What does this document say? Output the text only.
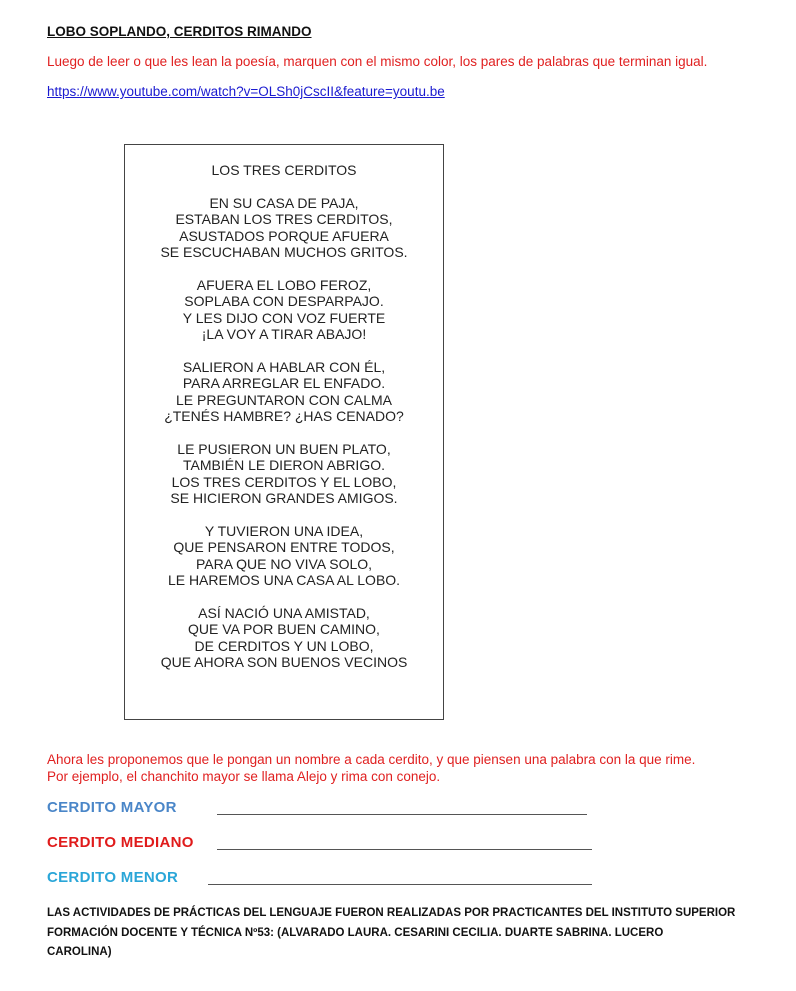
LOBO SOPLANDO, CERDITOS RIMANDO
Luego de leer o que les lean la poesía, marquen con el mismo color, los pares de palabras que terminan igual.
https://www.youtube.com/watch?v=OLSh0jCscII&feature=youtu.be
LOS TRES CERDITOS
EN SU CASA DE PAJA,
ESTABAN LOS TRES CERDITOS,
ASUSTADOS PORQUE AFUERA
SE ESCUCHABAN MUCHOS GRITOS.
AFUERA EL LOBO FEROZ,
SOPLABA CON DESPARPAJO.
Y LES DIJO CON VOZ FUERTE
¡LA VOY A TIRAR ABAJO!
SALIERON A HABLAR CON ÉL,
PARA ARREGLAR EL ENFADO.
LE PREGUNTARON CON CALMA
¿TENÉS HAMBRE? ¿HAS CENADO?
LE PUSIERON UN BUEN PLATO,
TAMBIÉN LE DIERON ABRIGO.
LOS TRES CERDITOS Y EL LOBO,
SE HICIERON GRANDES AMIGOS.
Y TUVIERON UNA IDEA,
QUE PENSARON ENTRE TODOS,
PARA QUE NO VIVA SOLO,
LE HAREMOS UNA CASA AL LOBO.
ASÍ NACIÓ UNA AMISTAD,
QUE VA POR BUEN CAMINO,
DE CERDITOS Y UN LOBO,
QUE AHORA SON BUENOS VECINOS
Ahora les proponemos que le pongan un nombre a cada cerdito, y que piensen una palabra con la que rime.
Por ejemplo, el chanchito mayor se llama Alejo y rima con conejo.
CERDITO MAYOR
CERDITO MEDIANO
CERDITO MENOR
LAS ACTIVIDADES DE PRÁCTICAS DEL LENGUAJE FUERON REALIZADAS POR PRACTICANTES DEL INSTITUTO SUPERIOR
FORMACIÓN DOCENTE Y TÉCNICA Nº53: (ALVARADO LAURA. CESARINI CECILIA. DUARTE SABRINA. LUCERO
CAROLINA)
